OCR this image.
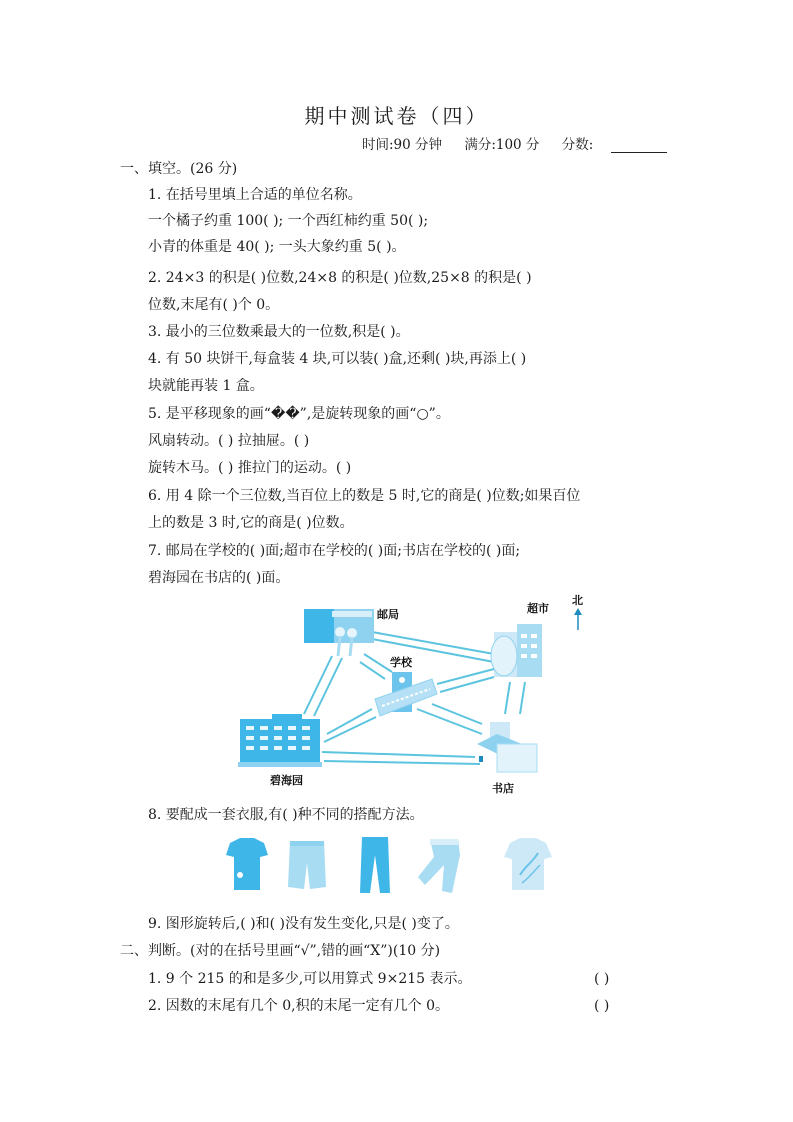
期中测试卷（四）
时间:90 分钟 满分:100 分 分数:
一、填空。(26 分)
1. 在括号里填上合适的单位名称。
一个橘子约重 100( ); 一个西红柿约重 50( );
小青的体重是 40( ); 一头大象约重 5( )。
2. 24×3 的积是( )位数,24×8 的积是( )位数,25×8 的积是( )
位数,末尾有( )个 0。
3. 最小的三位数乘最大的一位数,积是( )。
4. 有 50 块饼干,每盒装 4 块,可以装( )盒,还剩( )块,再添上( )
块就能再装 1 盒。
5. 是平移现象的画“��”,是旋转现象的画“○”。
风扇转动。( ) 拉抽屉。( )
旋转木马。( ) 推拉门的运动。( )
6. 用 4 除一个三位数,当百位上的数是 5 时,它的商是( )位数;如果百位
上的数是 3 时,它的商是( )位数。
7. 邮局在学校的( )面;超市在学校的( )面;书店在学校的( )面;
碧海园在书店的( )面。
邮局	超市
学校
碧海园
书店
北
8. 要配成一套衣服,有( )种不同的搭配方法。
9. 图形旋转后,( )和( )没有发生变化,只是( )变了。
二、判断。(对的在括号里画“√”,错的画“X”)(10 分)
1. 9 个 215 的和是多少,可以用算式 9×215 表示。	( )
2. 因数的末尾有几个 0,积的末尾一定有几个 0。	( )
